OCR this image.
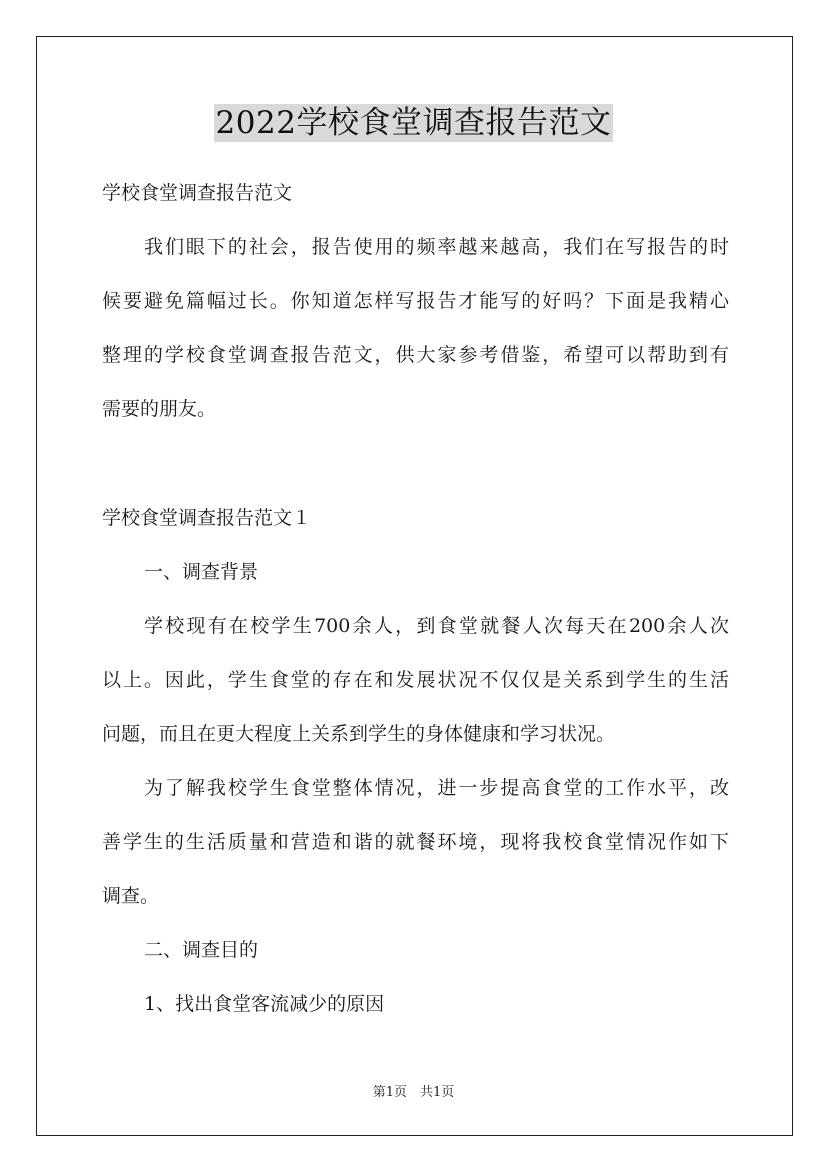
2022学校食堂调查报告范文
学校食堂调查报告范文
我们眼下的社会，报告使用的频率越来越高，我们在写报告的时
候要避免篇幅过长。你知道怎样写报告才能写的好吗？下面是我精心
整理的学校食堂调查报告范文，供大家参考借鉴，希望可以帮助到有
需要的朋友。
学校食堂调查报告范文１
一、调查背景
学校现有在校学生700余人，到食堂就餐人次每天在200余人次
以上。因此，学生食堂的存在和发展状况不仅仅是关系到学生的生活
问题，而且在更大程度上关系到学生的身体健康和学习状况。
为了解我校学生食堂整体情况，进一步提高食堂的工作水平，改
善学生的生活质量和营造和谐的就餐环境，现将我校食堂情况作如下
调查。
二、调查目的
1、找出食堂客流减少的原因
第1页　共1页
